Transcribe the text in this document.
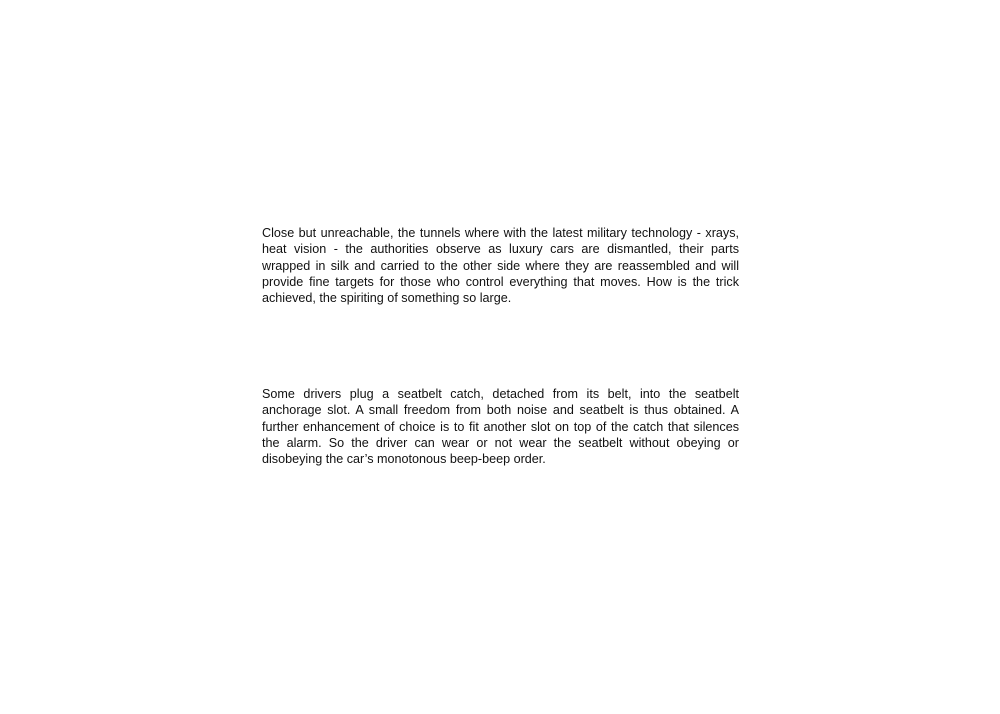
Close but unreachable, the tunnels where with the latest military technology - xrays, heat vision - the authorities observe as luxury cars are dismantled, their parts wrapped in silk and carried to the other side where they are reassembled and will provide fine targets for those who control everything that moves. How is the trick achieved, the spiriting of something so large.

Some drivers plug a seatbelt catch, detached from its belt, into the seatbelt anchorage slot. A small freedom from both noise and seatbelt is thus obtained. A further enhancement of choice is to fit another slot on top of the catch that silences the alarm. So the driver can wear or not wear the seatbelt without obeying or disobeying the car’s monotonous beep-beep order.
